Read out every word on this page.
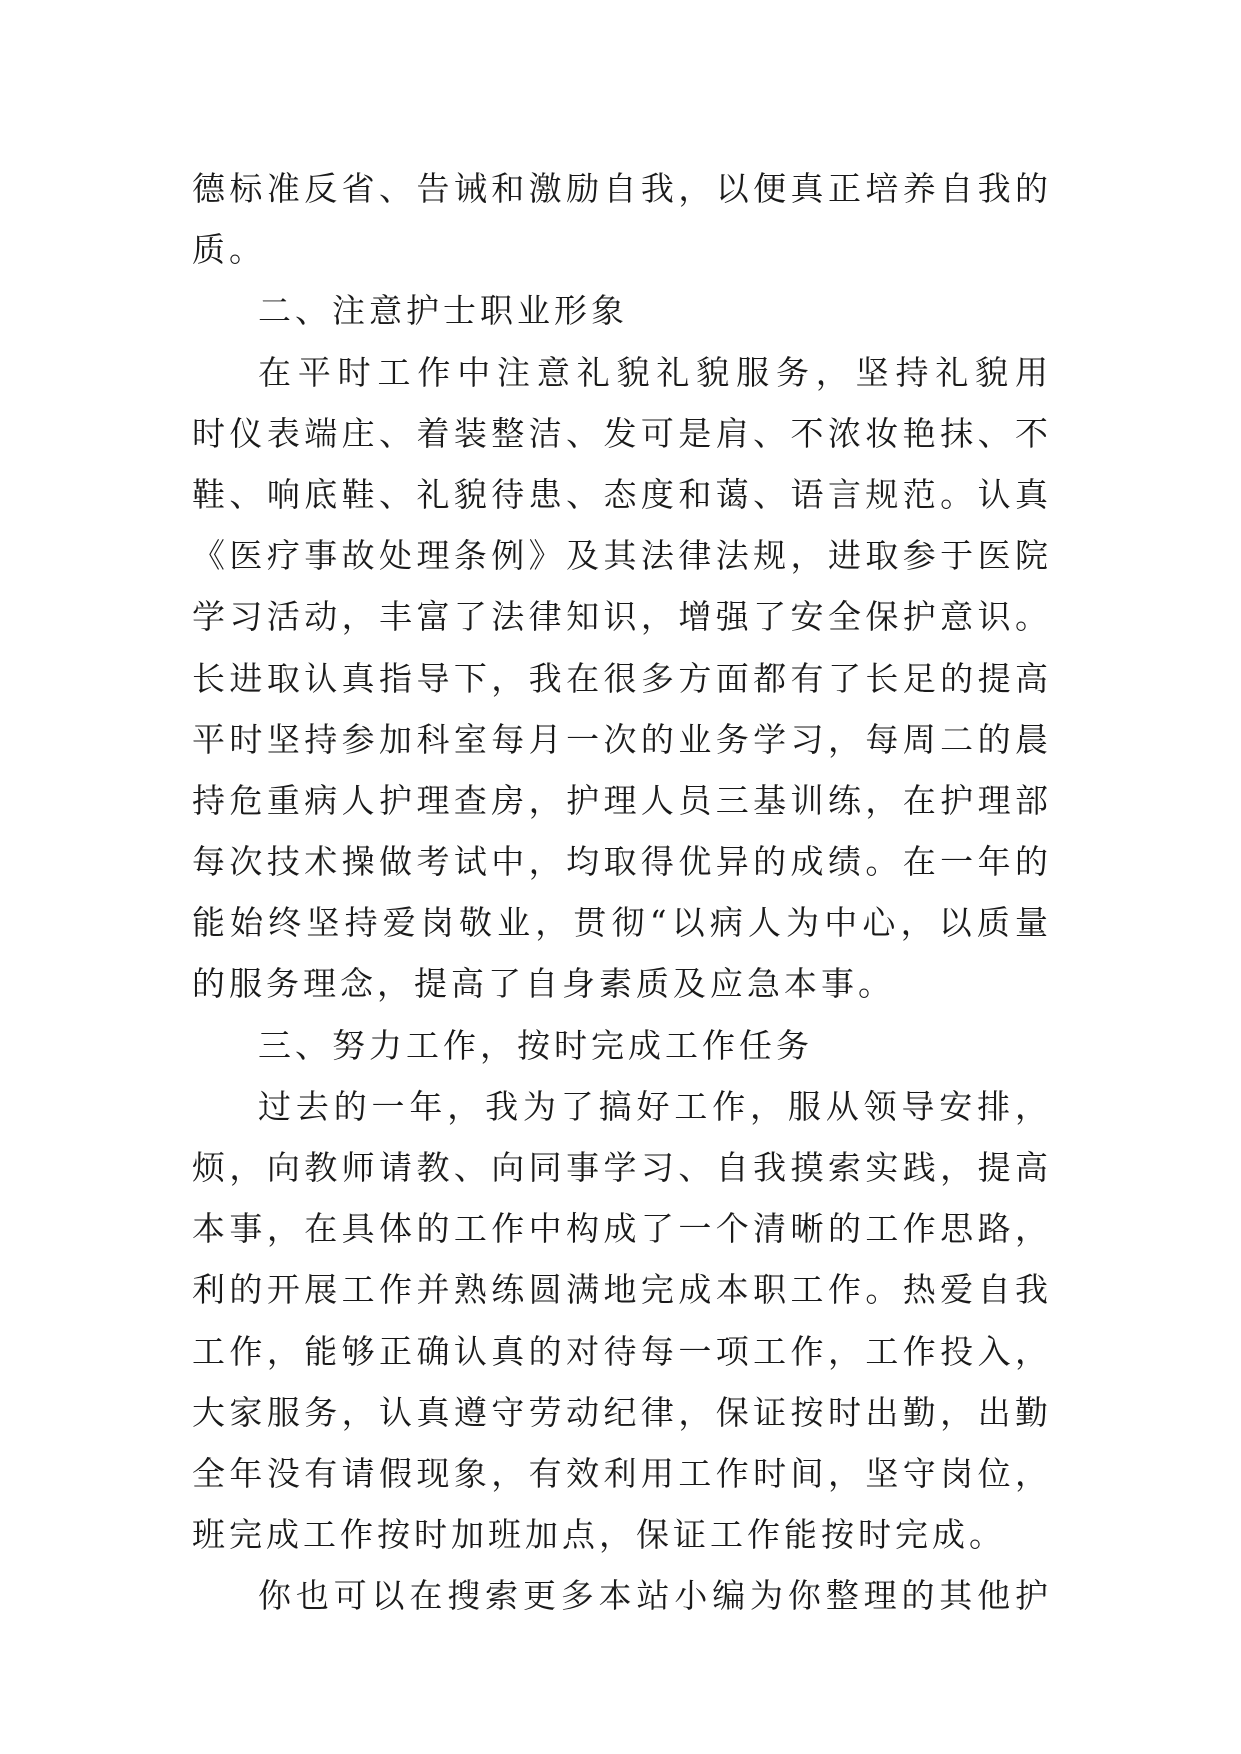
德标准反省、告诫和激励自我，以便真正培养自我的
质。
二、注意护士职业形象
在平时工作中注意礼貌礼貌服务，坚持礼貌用
时仪表端庄、着装整洁、发可是肩、不浓妆艳抹、不
鞋、响底鞋、礼貌待患、态度和蔼、语言规范。认真
《医疗事故处理条例》及其法律法规，进取参于医院
学习活动，丰富了法律知识，增强了安全保护意识。
长进取认真指导下，我在很多方面都有了长足的提高
平时坚持参加科室每月一次的业务学习，每周二的晨
持危重病人护理查房，护理人员三基训练，在护理部
每次技术操做考试中，均取得优异的成绩。在一年的
能始终坚持爱岗敬业，贯彻“以病人为中心，以质量
的服务理念，提高了自身素质及应急本事。
三、努力工作，按时完成工作任务
过去的一年，我为了搞好工作，服从领导安排，
烦，向教师请教、向同事学习、自我摸索实践，提高
本事，在具体的工作中构成了一个清晰的工作思路，
利的开展工作并熟练圆满地完成本职工作。热爱自我
工作，能够正确认真的对待每一项工作，工作投入，
大家服务，认真遵守劳动纪律，保证按时出勤，出勤
全年没有请假现象，有效利用工作时间，坚守岗位，
班完成工作按时加班加点，保证工作能按时完成。
你也可以在搜索更多本站小编为你整理的其他护
